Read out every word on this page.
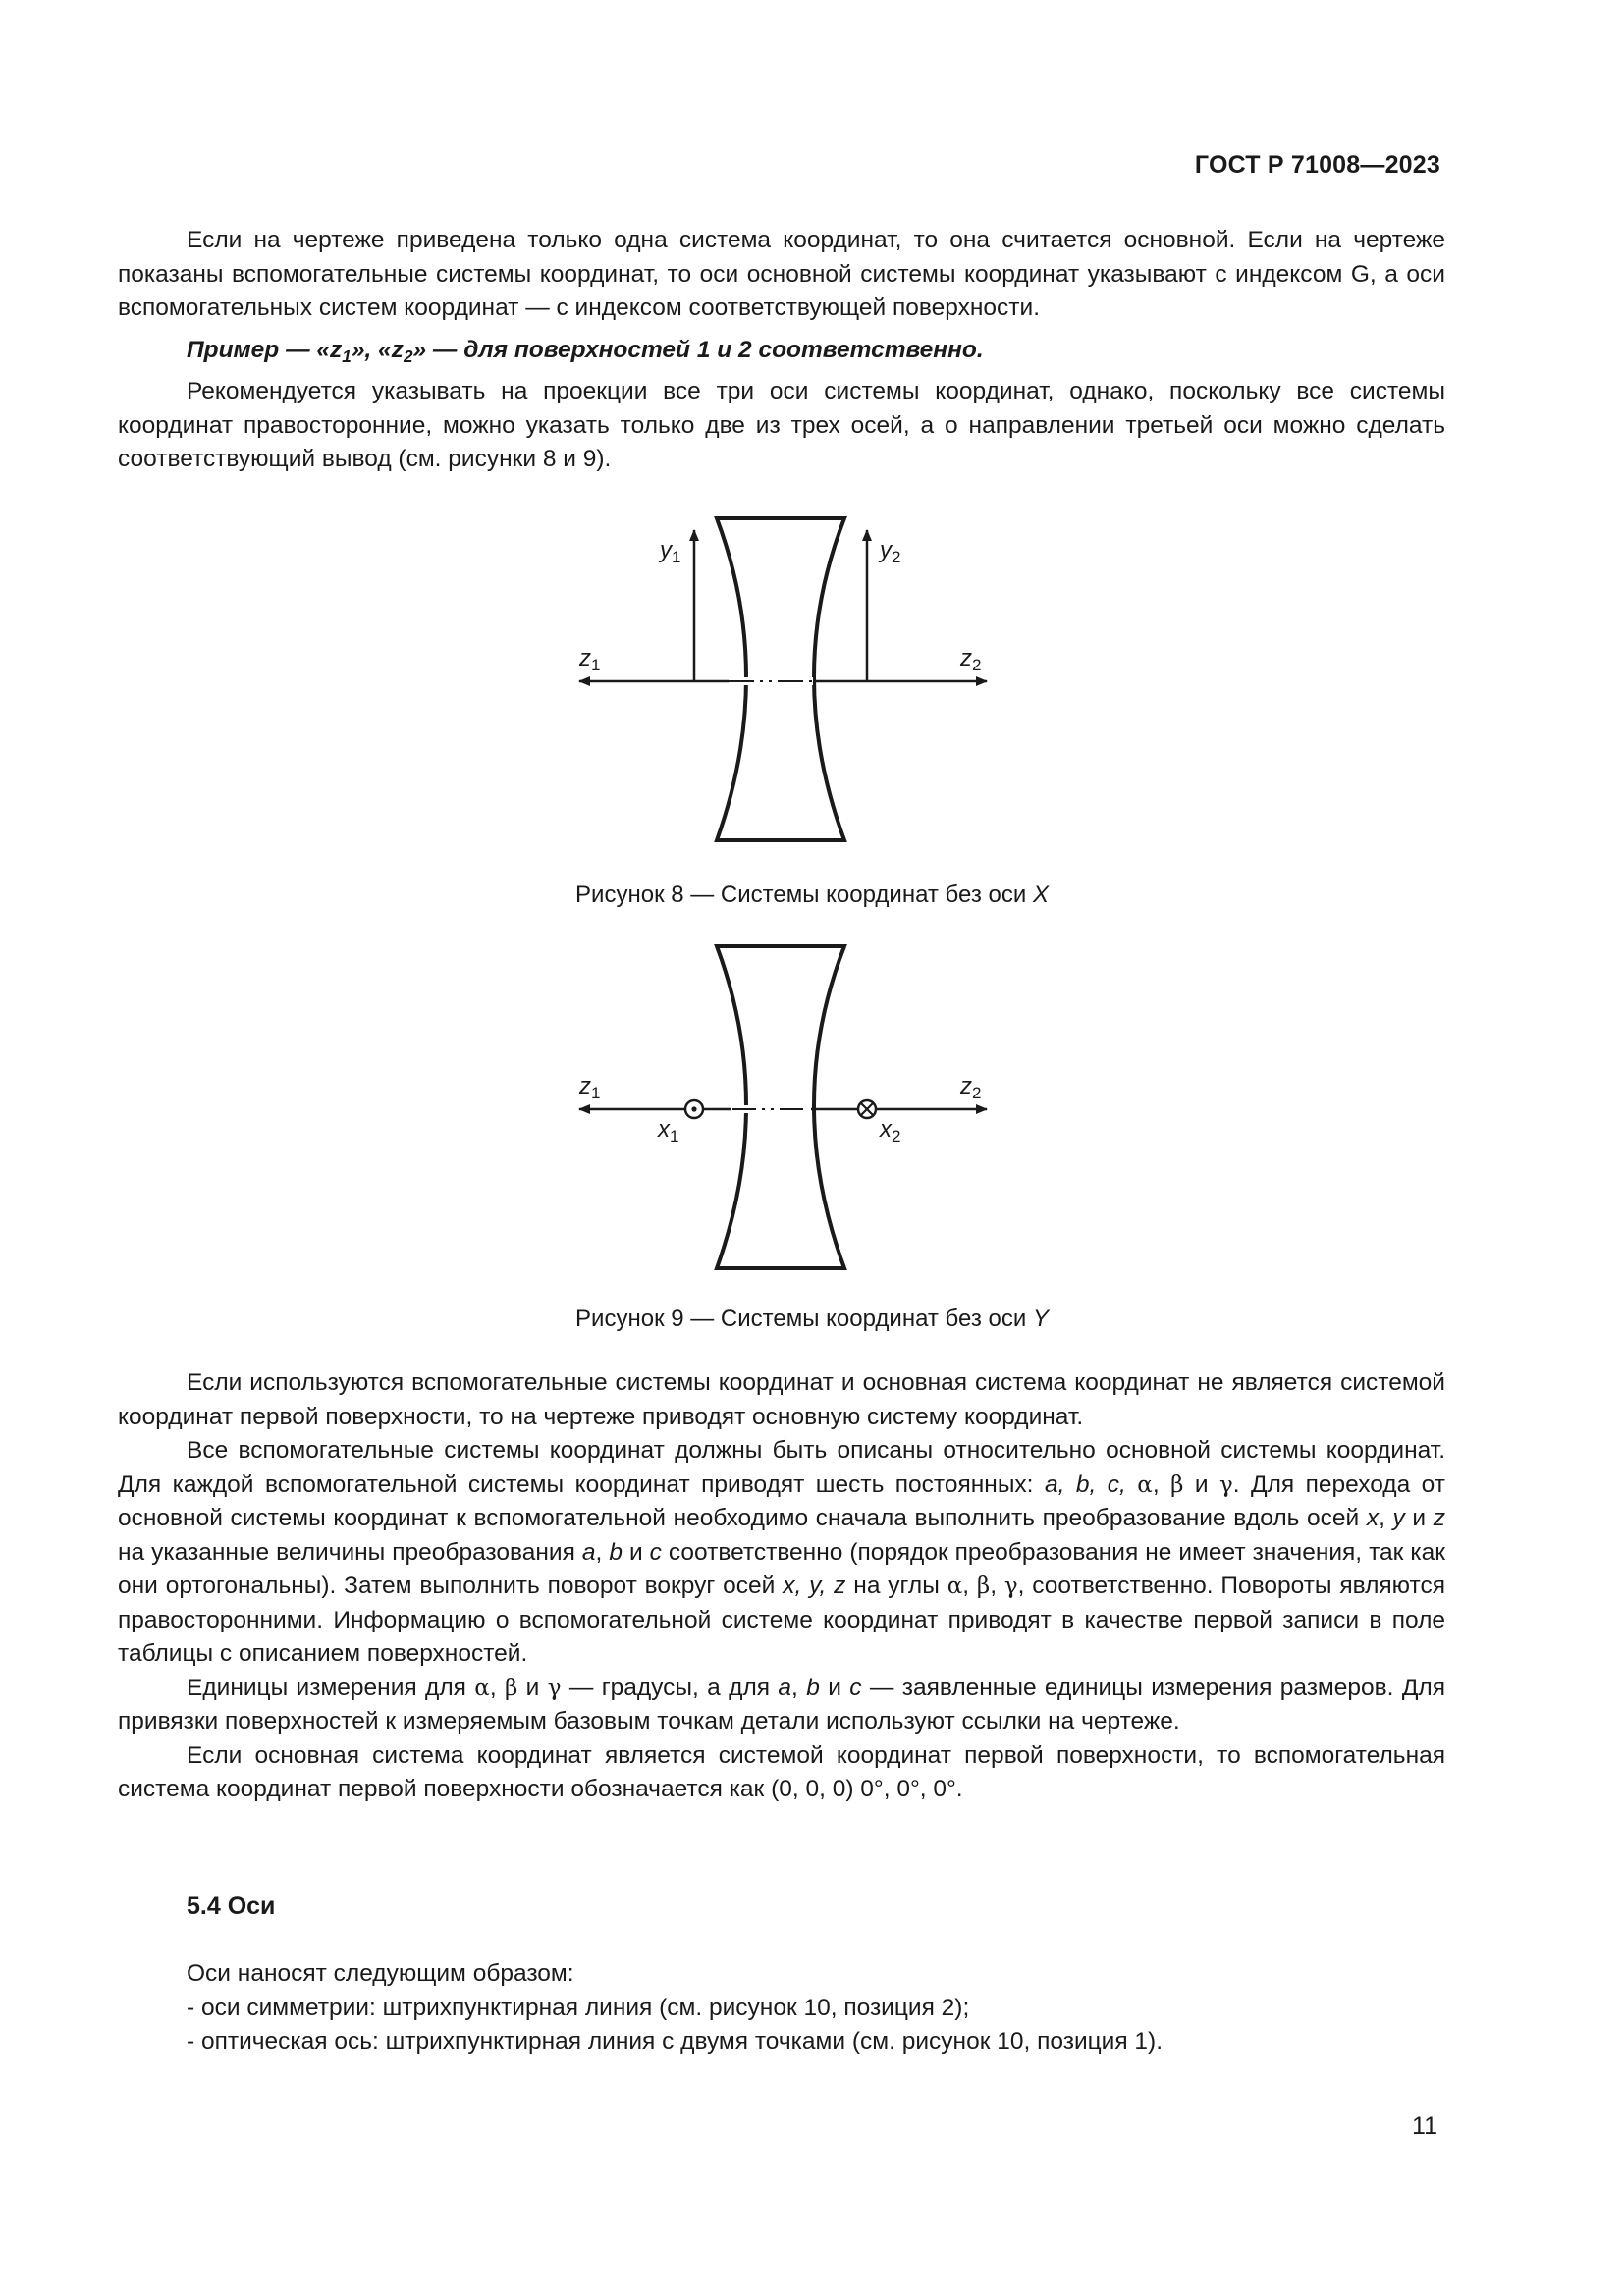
ГОСТ Р 71008—2023

Если на чертеже приведена только одна система координат, то она считается основной. Если на чертеже показаны вспомогательные системы координат, то оси основной системы координат указывают с индексом G, а оси вспомогательных систем координат — с индексом соответствующей поверхности.

Пример — «$z_1$», «$z_2$» — для поверхностей 1 и 2 соответственно.

Рекомендуется указывать на проекции все три оси системы координат, однако, поскольку все системы координат правосторонние, можно указать только две из трех осей, а о направлении третьей оси можно сделать соответствующий вывод (см. рисунки 8 и 9).

$y_1$	$y_2$
$z_1$	$z_2$
Рисунок 8 — Системы координат без оси X
$z_1$	$z_2$
$x_1$	$x_2$
Рисунок 9 — Системы координат без оси Y

Если используются вспомогательные системы координат и основная система координат не является системой координат первой поверхности, то на чертеже приводят основную систему координат.

Все вспомогательные системы координат должны быть описаны относительно основной системы координат. Для каждой вспомогательной системы координат приводят шесть постоянных: a, b, c, α, β и γ. Для перехода от основной системы координат к вспомогательной необходимо сначала выполнить преобразование вдоль осей x, y и z на указанные величины преобразования a, b и c соответственно (порядок преобразования не имеет значения, так как они ортогональны). Затем выполнить поворот вокруг осей x, y, z на углы α, β, γ, соответственно. Повороты являются правосторонними. Информацию о вспомогательной системе координат приводят в качестве первой записи в поле таблицы с описанием поверхностей.

Единицы измерения для α, β и γ — градусы, а для a, b и c — заявленные единицы измерения размеров. Для привязки поверхностей к измеряемым базовым точкам детали используют ссылки на чертеже.

Если основная система координат является системой координат первой поверхности, то вспомогательная система координат первой поверхности обозначается как (0, 0, 0) 0°, 0°, 0°.

5.4 Оси

Оси наносят следующим образом:

- оси симметрии: штрихпунктирная линия (см. рисунок 10, позиция 2);

- оптическая ось: штрихпунктирная линия с двумя точками (см. рисунок 10, позиция 1).

11
